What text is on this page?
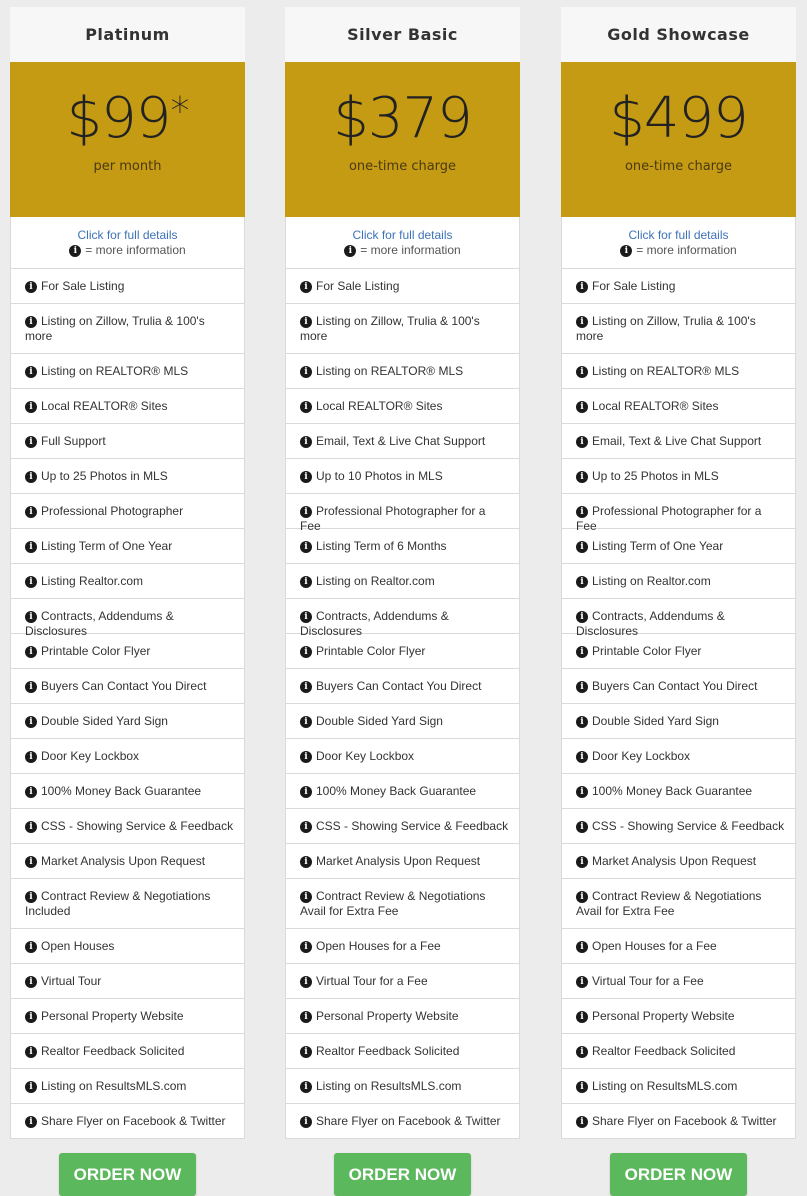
Platinum
$99*
per month
Click for full details
i = more information
i For Sale Listing
i Listing on Zillow, Trulia & 100's more
i Listing on REALTOR® MLS
i Local REALTOR® Sites
i Full Support
i Up to 25 Photos in MLS
i Professional Photographer
i Listing Term of One Year
i Listing Realtor.com
i Contracts, Addendums & Disclosures
i Printable Color Flyer
i Buyers Can Contact You Direct
i Double Sided Yard Sign
i Door Key Lockbox
i 100% Money Back Guarantee
i CSS - Showing Service & Feedback
i Market Analysis Upon Request
i Contract Review & Negotiations Included
i Open Houses
i Virtual Tour
i Personal Property Website
i Realtor Feedback Solicited
i Listing on ResultsMLS.com
i Share Flyer on Facebook & Twitter
ORDER NOW
Silver Basic
$379
one-time charge
Click for full details
i = more information
i For Sale Listing
i Listing on Zillow, Trulia & 100's more
i Listing on REALTOR® MLS
i Local REALTOR® Sites
i Email, Text & Live Chat Support
i Up to 10 Photos in MLS
i Professional Photographer for a Fee
i Listing Term of 6 Months
i Listing on Realtor.com
i Contracts, Addendums & Disclosures
i Printable Color Flyer
i Buyers Can Contact You Direct
i Double Sided Yard Sign
i Door Key Lockbox
i 100% Money Back Guarantee
i CSS - Showing Service & Feedback
i Market Analysis Upon Request
i Contract Review & Negotiations Avail for Extra Fee
i Open Houses for a Fee
i Virtual Tour for a Fee
i Personal Property Website
i Realtor Feedback Solicited
i Listing on ResultsMLS.com
i Share Flyer on Facebook & Twitter
ORDER NOW
Gold Showcase
$499
one-time charge
Click for full details
i = more information
i For Sale Listing
i Listing on Zillow, Trulia & 100's more
i Listing on REALTOR® MLS
i Local REALTOR® Sites
i Email, Text & Live Chat Support
i Up to 25 Photos in MLS
i Professional Photographer for a Fee
i Listing Term of One Year
i Listing on Realtor.com
i Contracts, Addendums & Disclosures
i Printable Color Flyer
i Buyers Can Contact You Direct
i Double Sided Yard Sign
i Door Key Lockbox
i 100% Money Back Guarantee
i CSS - Showing Service & Feedback
i Market Analysis Upon Request
i Contract Review & Negotiations Avail for Extra Fee
i Open Houses for a Fee
i Virtual Tour for a Fee
i Personal Property Website
i Realtor Feedback Solicited
i Listing on ResultsMLS.com
i Share Flyer on Facebook & Twitter
ORDER NOW
